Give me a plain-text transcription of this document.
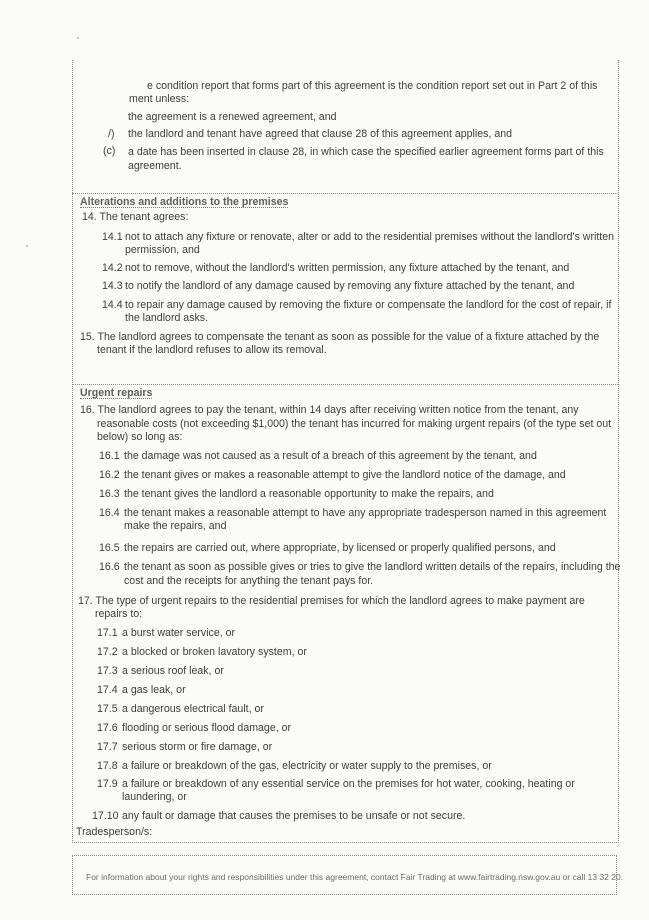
e condition report that forms part of this agreement is the condition report set out in Part 2 of this
ment unless:
the agreement is a renewed agreement, and
/) the landlord and tenant have agreed that clause 28 of this agreement applies, and
(c) a date has been inserted in clause 28, in which case the specified earlier agreement forms part of this
agreement.
Alterations and additions to the premises
14. The tenant agrees:
14.1 not to attach any fixture or renovate, alter or add to the residential premises without the landlord's written
permission, and
14.2 not to remove, without the landlord's written permission, any fixture attached by the tenant, and
14.3 to notify the landlord of any damage caused by removing any fixture attached by the tenant, and
14.4 to repair any damage caused by removing the fixture or compensate the landlord for the cost of repair, if
the landlord asks.
15. The landlord agrees to compensate the tenant as soon as possible for the value of a fixture attached by the
tenant if the landlord refuses to allow its removal.
Urgent repairs
16. The landlord agrees to pay the tenant, within 14 days after receiving written notice from the tenant, any
reasonable costs (not exceeding $1,000) the tenant has incurred for making urgent repairs (of the type set out
below) so long as:
16.1 the damage was not caused as a result of a breach of this agreement by the tenant, and
16.2 the tenant gives or makes a reasonable attempt to give the landlord notice of the damage, and
16.3 the tenant gives the landlord a reasonable opportunity to make the repairs, and
16.4 the tenant makes a reasonable attempt to have any appropriate tradesperson named in this agreement
make the repairs, and
16.5 the repairs are carried out, where appropriate, by licensed or properly qualified persons, and
16.6 the tenant as soon as possible gives or tries to give the landlord written details of the repairs, including the
cost and the receipts for anything the tenant pays for.
17. The type of urgent repairs to the residential premises for which the landlord agrees to make payment are
repairs to:
17.1 a burst water service, or
17.2 a blocked or broken lavatory system, or
17.3 a serious roof leak, or
17.4 a gas leak, or
17.5 a dangerous electrical fault, or
17.6 flooding or serious flood damage, or
17.7 serious storm or fire damage, or
17.8 a failure or breakdown of the gas, electricity or water supply to the premises, or
17.9 a failure or breakdown of any essential service on the premises for hot water, cooking, heating or
laundering, or
17.10 any fault or damage that causes the premises to be unsafe or not secure.
Tradesperson/s:
For information about your rights and responsibilities under this agreement, contact Fair Trading at www.fairtrading.nsw.gov.au or call 13 32 20.
